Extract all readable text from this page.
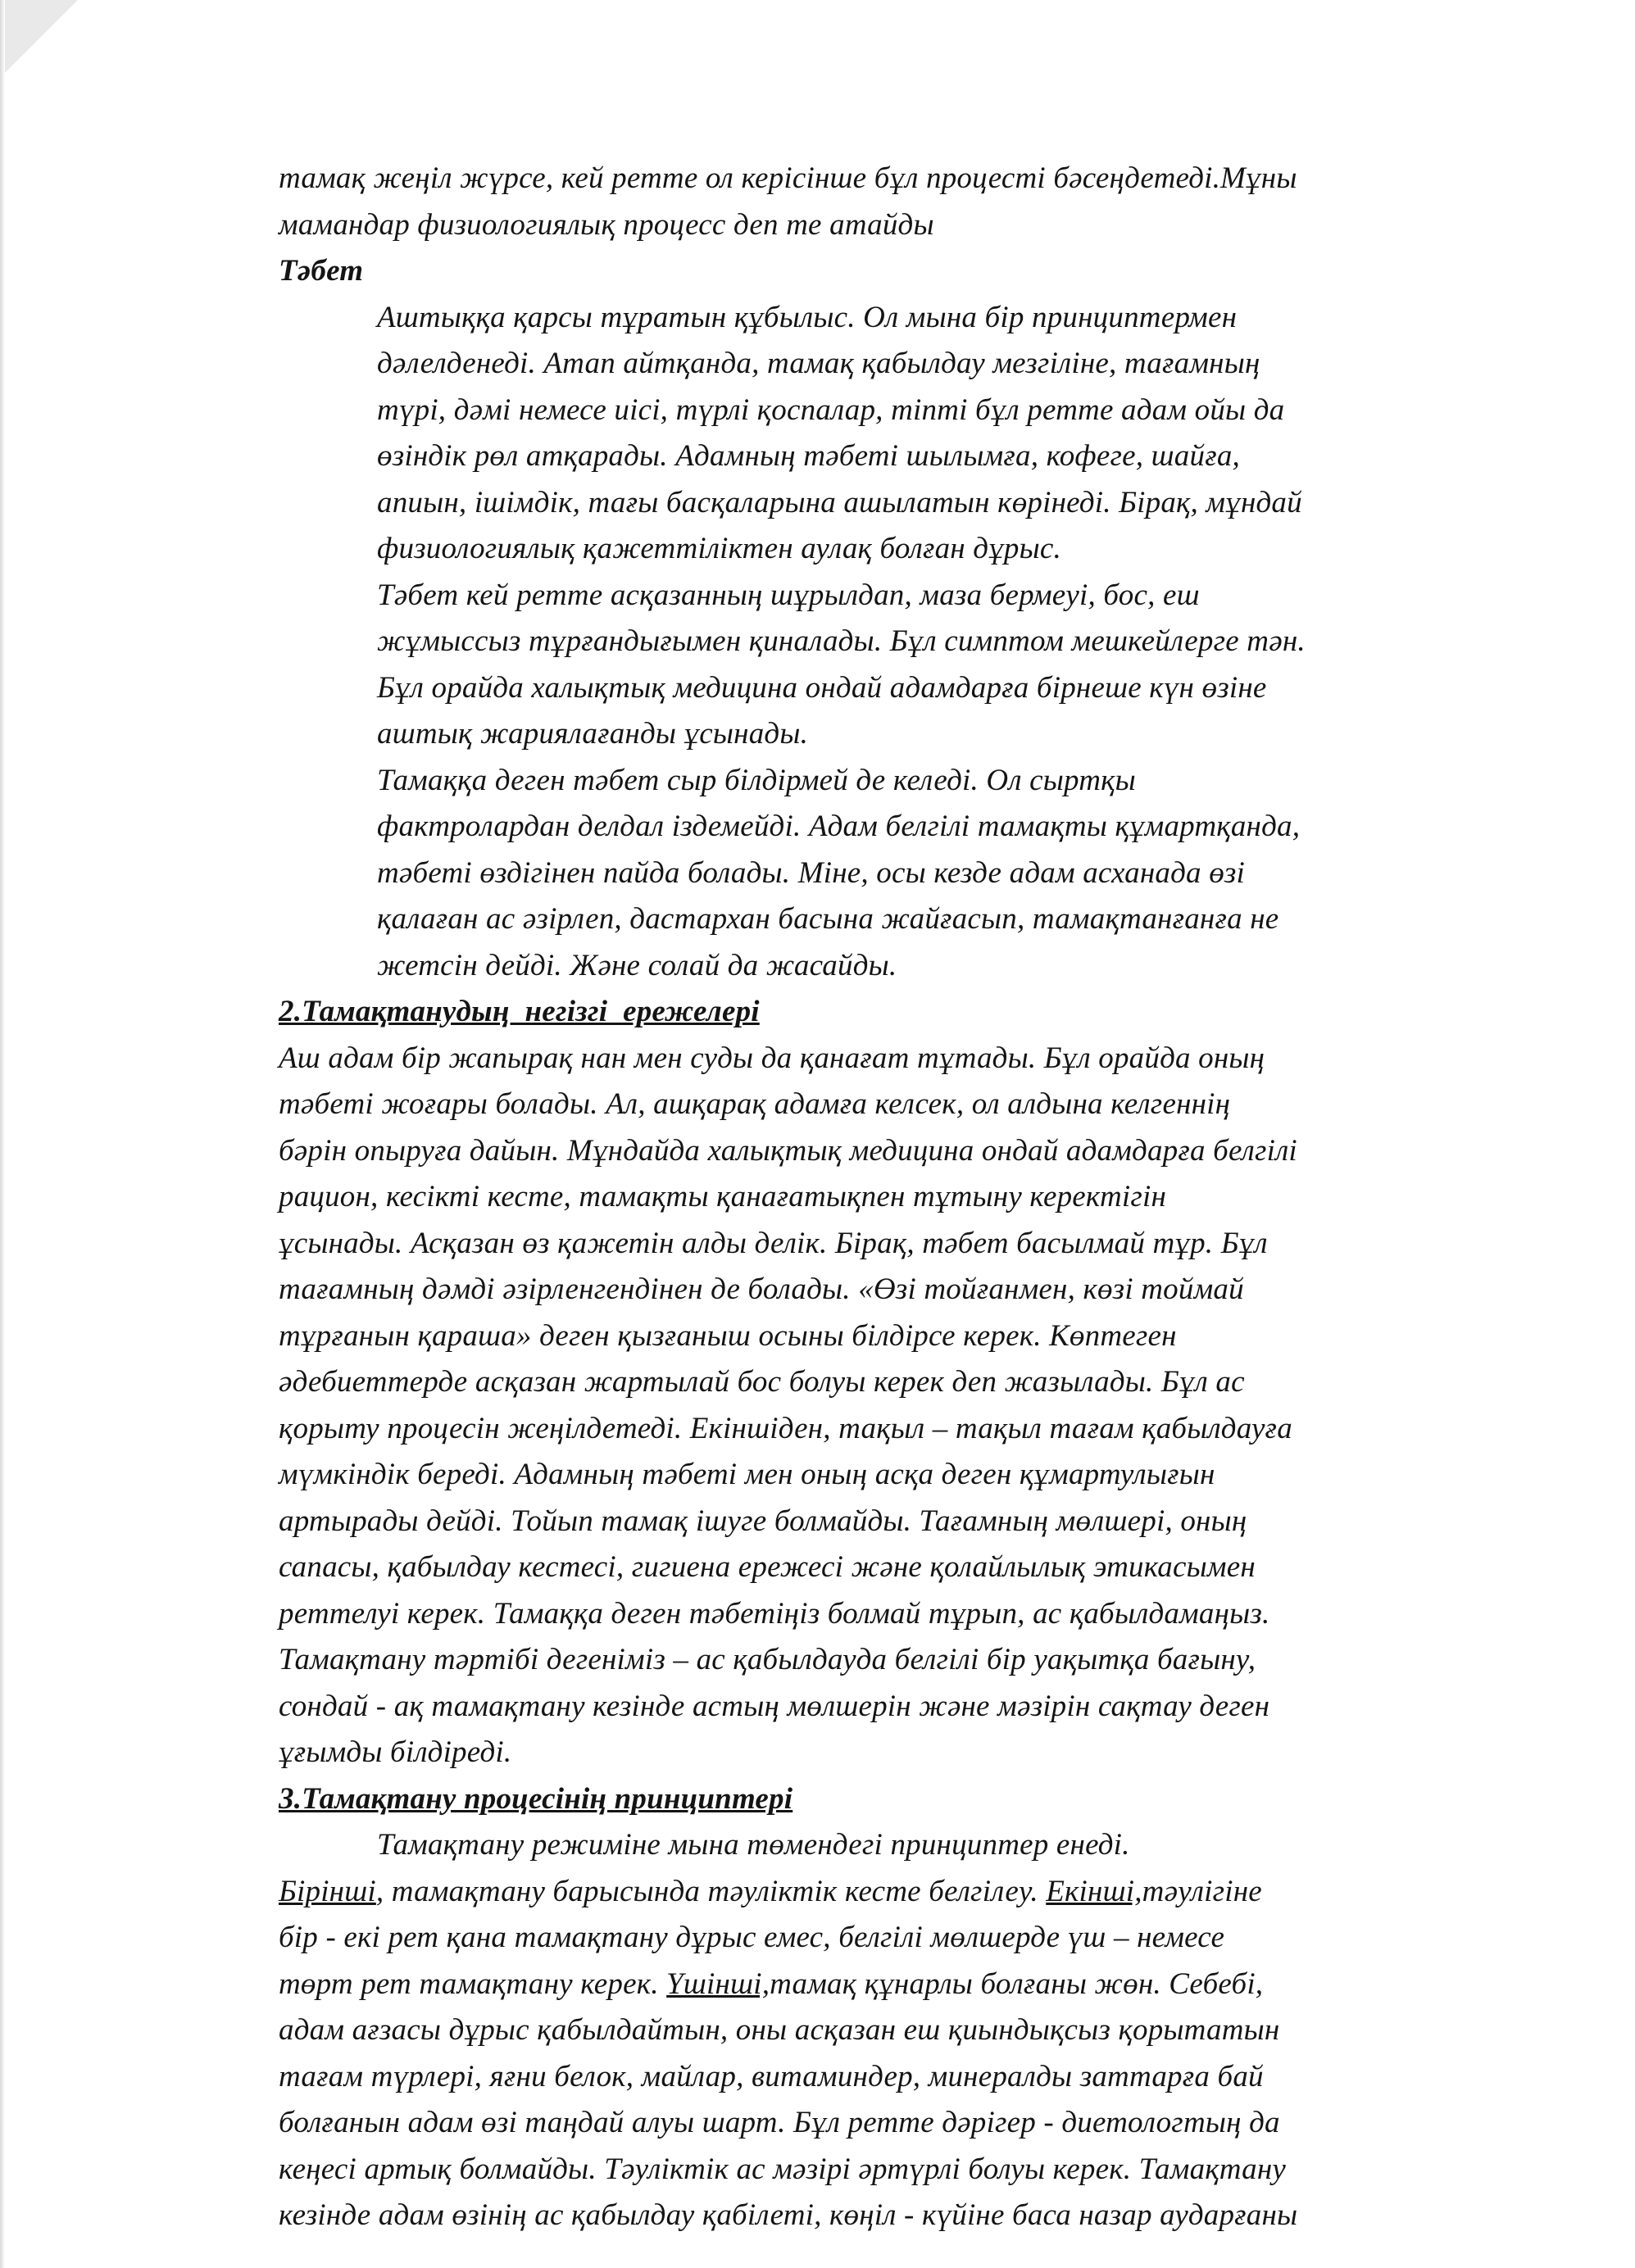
тамақ жеңіл жүрсе, кей ретте ол керісінше бұл процесті бәсеңдетеді.Мұны
мамандар физиологиялық процесс деп те атайды
Тәбет
Аштыққа қарсы тұратын құбылыс. Ол мына бір принциптермен
дәлелденеді. Атап айтқанда, тамақ қабылдау мезгіліне, тағамның
түрі, дәмі немесе иісі, түрлі қоспалар, тіпті бұл ретте адам ойы да
өзіндік рөл атқарады. Адамның тәбеті шылымға, кофеге, шайға,
апиын, ішімдік, тағы басқаларына ашылатын көрінеді. Бірақ, мұндай
физиологиялық қажеттіліктен аулақ болған дұрыс.
Тәбет кей ретте асқазанның шұрылдап, маза бермеуі, бос, еш
жұмыссыз тұрғандығымен қиналады. Бұл симптом мешкейлерге тән.
Бұл орайда халықтық медицина ондай адамдарға бірнеше күн өзіне
аштық жариялағанды ұсынады.
Тамаққа деген тәбет сыр білдірмей де келеді. Ол сыртқы
фактролардан делдал іздемейді. Адам белгілі тамақты құмартқанда,
тәбеті өздігінен пайда болады. Міне, осы кезде адам асханада өзі
қалаған ас әзірлеп, дастархан басына жайғасып, тамақтанғанға не
жетсін дейді. Және солай да жасайды.
2.Тамақтанудың  негізгі  ережелері
Аш адам бір жапырақ нан мен суды да қанағат тұтады. Бұл орайда оның
тәбеті жоғары болады. Ал, ашқарақ адамға келсек, ол алдына келгеннің
бәрін опыруға дайын. Мұндайда халықтық медицина ондай адамдарға белгілі
рацион, кесікті кесте, тамақты қанағатықпен тұтыну керектігін
ұсынады. Асқазан өз қажетін алды делік. Бірақ, тәбет басылмай тұр. Бұл
тағамның дәмді әзірленгендінен де болады. «Өзі тойғанмен, көзі тоймай
тұрғанын қараша» деген қызғаныш осыны білдірсе керек. Көптеген
әдебиеттерде асқазан жартылай бос болуы керек деп жазылады. Бұл ас
қорыту процесін жеңілдетеді. Екіншіден, тақыл – тақыл тағам қабылдауға
мүмкіндік береді. Адамның тәбеті мен оның асқа деген құмартулығын
артырады дейді. Тойып тамақ ішуге болмайды. Тағамның мөлшері, оның
сапасы, қабылдау кестесі, гигиена ережесі және қолайлылық этикасымен
реттелуі керек. Тамаққа деген тәбетіңіз болмай тұрып, ас қабылдамаңыз.
Тамақтану тәртібі дегеніміз – ас қабылдауда белгілі бір уақытқа бағыну,
сондай - ақ тамақтану кезінде астың мөлшерін және мәзірін сақтау деген
ұғымды білдіреді.
3.Тамақтану процесінің принциптері
Тамақтану режиміне мына төмендегі принциптер енеді.
Бірінші, тамақтану барысында тәуліктік кесте белгілеу. Екінші,тәулігіне
бір - екі рет қана тамақтану дұрыс емес, белгілі мөлшерде үш – немесе
төрт рет тамақтану керек. Үшінші,тамақ құнарлы болғаны жөн. Себебі,
адам ағзасы дұрыс қабылдайтын, оны асқазан еш қиындықсыз қорытатын
тағам түрлері, яғни белок, майлар, витаминдер, минералды заттарға бай
болғанын адам өзі таңдай алуы шарт. Бұл ретте дәрігер - диетологтың да
кеңесі артық болмайды. Тәуліктік ас мәзірі әртүрлі болуы керек. Тамақтану
кезінде адам өзінің ас қабылдау қабілеті, көңіл - күйіне баса назар аударғаны
